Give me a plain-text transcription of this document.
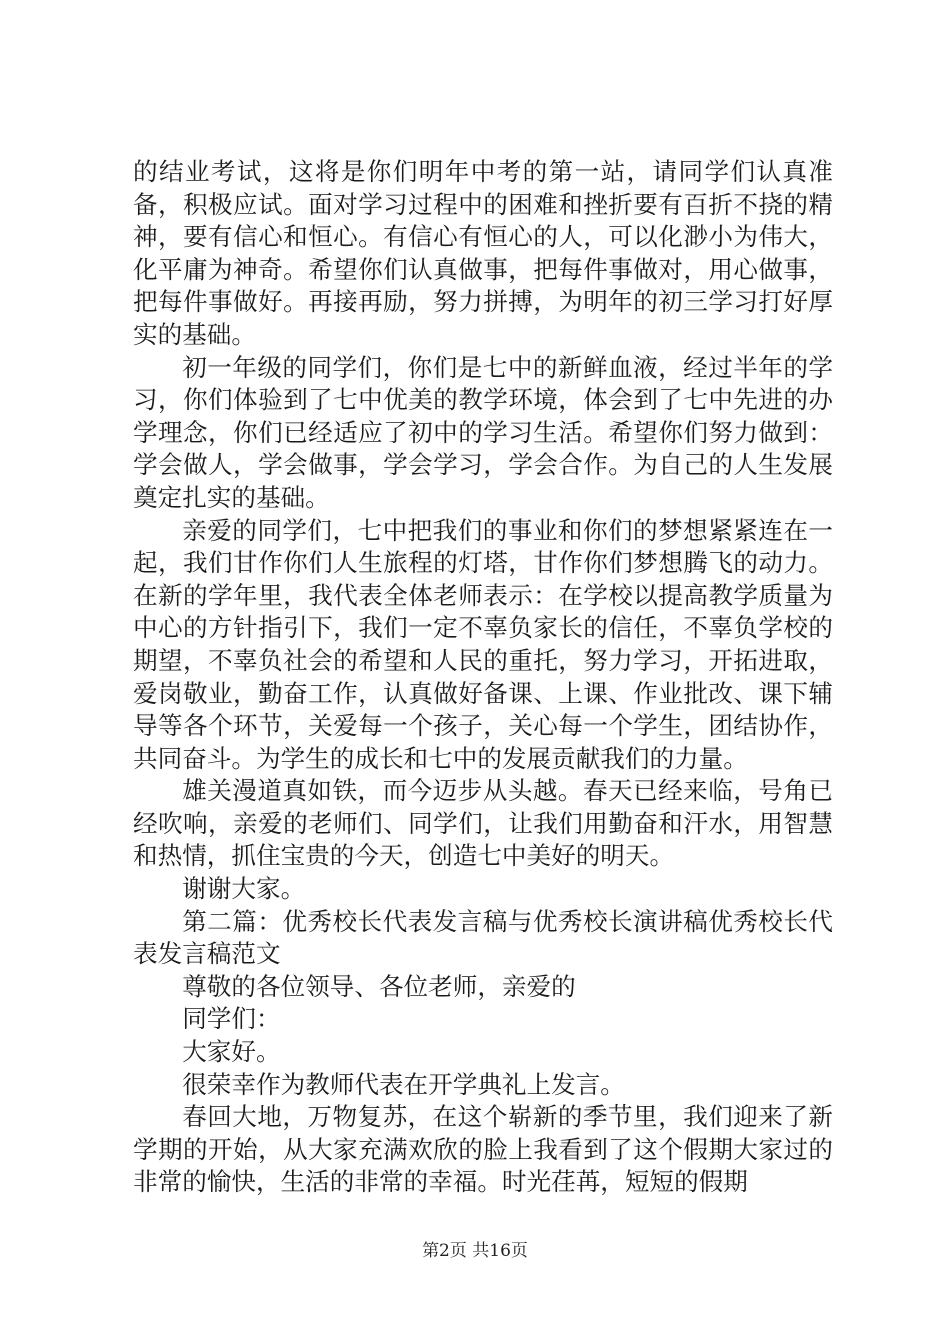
的结业考试，这将是你们明年中考的第一站，请同学们认真准备，积极应试。面对学习过程中的困难和挫折要有百折不挠的精神，要有信心和恒心。有信心有恒心的人，可以化渺小为伟大，化平庸为神奇。希望你们认真做事，把每件事做对，用心做事，把每件事做好。再接再励，努力拼搏，为明年的初三学习打好厚实的基础。

初一年级的同学们，你们是七中的新鲜血液，经过半年的学习，你们体验到了七中优美的教学环境，体会到了七中先进的办学理念，你们已经适应了初中的学习生活。希望你们努力做到：学会做人，学会做事，学会学习，学会合作。为自己的人生发展奠定扎实的基础。

亲爱的同学们，七中把我们的事业和你们的梦想紧紧连在一起，我们甘作你们人生旅程的灯塔，甘作你们梦想腾飞的动力。在新的学年里，我代表全体老师表示：在学校以提高教学质量为中心的方针指引下，我们一定不辜负家长的信任，不辜负学校的期望，不辜负社会的希望和人民的重托，努力学习，开拓进取，爱岗敬业，勤奋工作，认真做好备课、上课、作业批改、课下辅导等各个环节，关爱每一个孩子，关心每一个学生，团结协作，共同奋斗。为学生的成长和七中的发展贡献我们的力量。

雄关漫道真如铁，而今迈步从头越。春天已经来临，号角已经吹响，亲爱的老师们、同学们，让我们用勤奋和汗水，用智慧和热情，抓住宝贵的今天，创造七中美好的明天。

谢谢大家。

第二篇：优秀校长代表发言稿与优秀校长演讲稿优秀校长代表发言稿范文

尊敬的各位领导、各位老师，亲爱的

同学们：

大家好。

很荣幸作为教师代表在开学典礼上发言。

春回大地，万物复苏，在这个崭新的季节里，我们迎来了新学期的开始，从大家充满欢欣的脸上我看到了这个假期大家过的非常的愉快，生活的非常的幸福。时光荏苒，短短的假期

第2页 共16页
